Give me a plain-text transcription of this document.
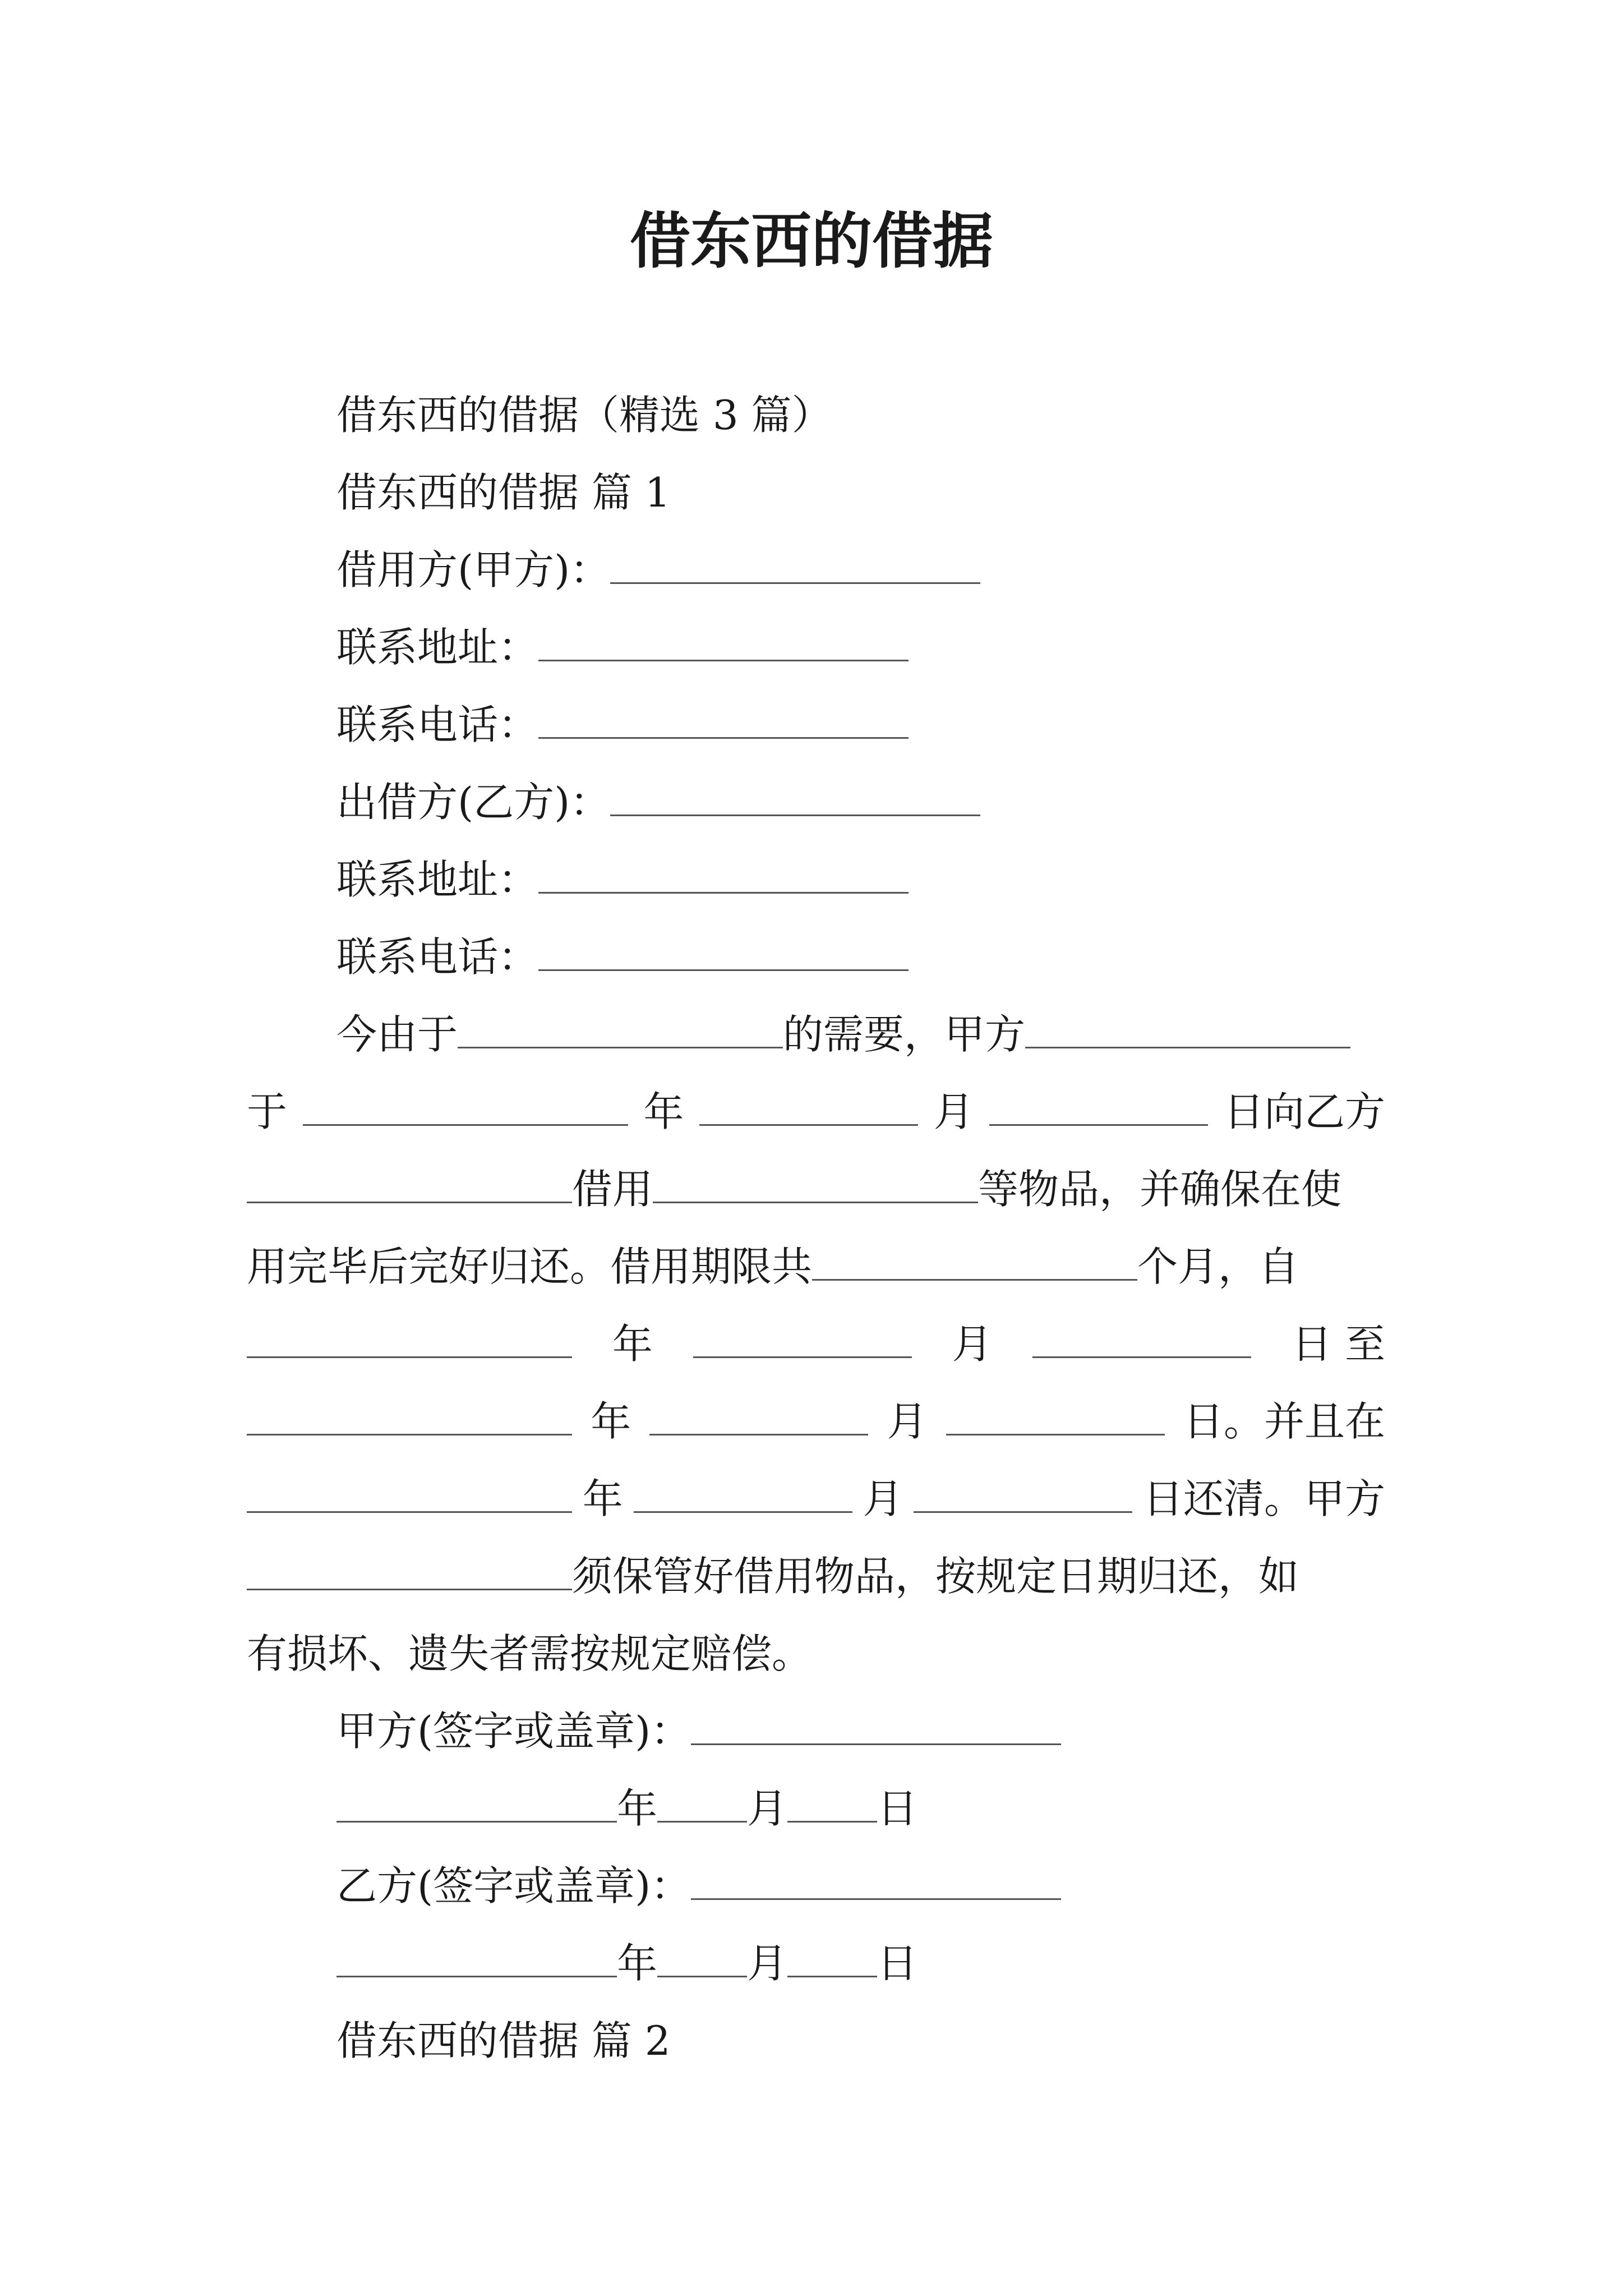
借东西的借据
借东西的借据（精选 3 篇）
借东西的借据 篇 1
借用方(甲方)：
联系地址：
联系电话：
出借方(乙方)：
联系地址：
联系电话：
今由于	的需要，甲方
于	年	月	日向乙方
借用	等物品，并确保在使
用完毕后完好归还。借用期限共	个月，自
年	月	日 至
年	月	日。并且在
年	月	日还清。甲方
须保管好借用物品，按规定日期归还，如
有损坏、遗失者需按规定赔偿。
甲方(签字或盖章)：
年 月 日
乙方(签字或盖章)：
年 月 日
借东西的借据 篇 2
